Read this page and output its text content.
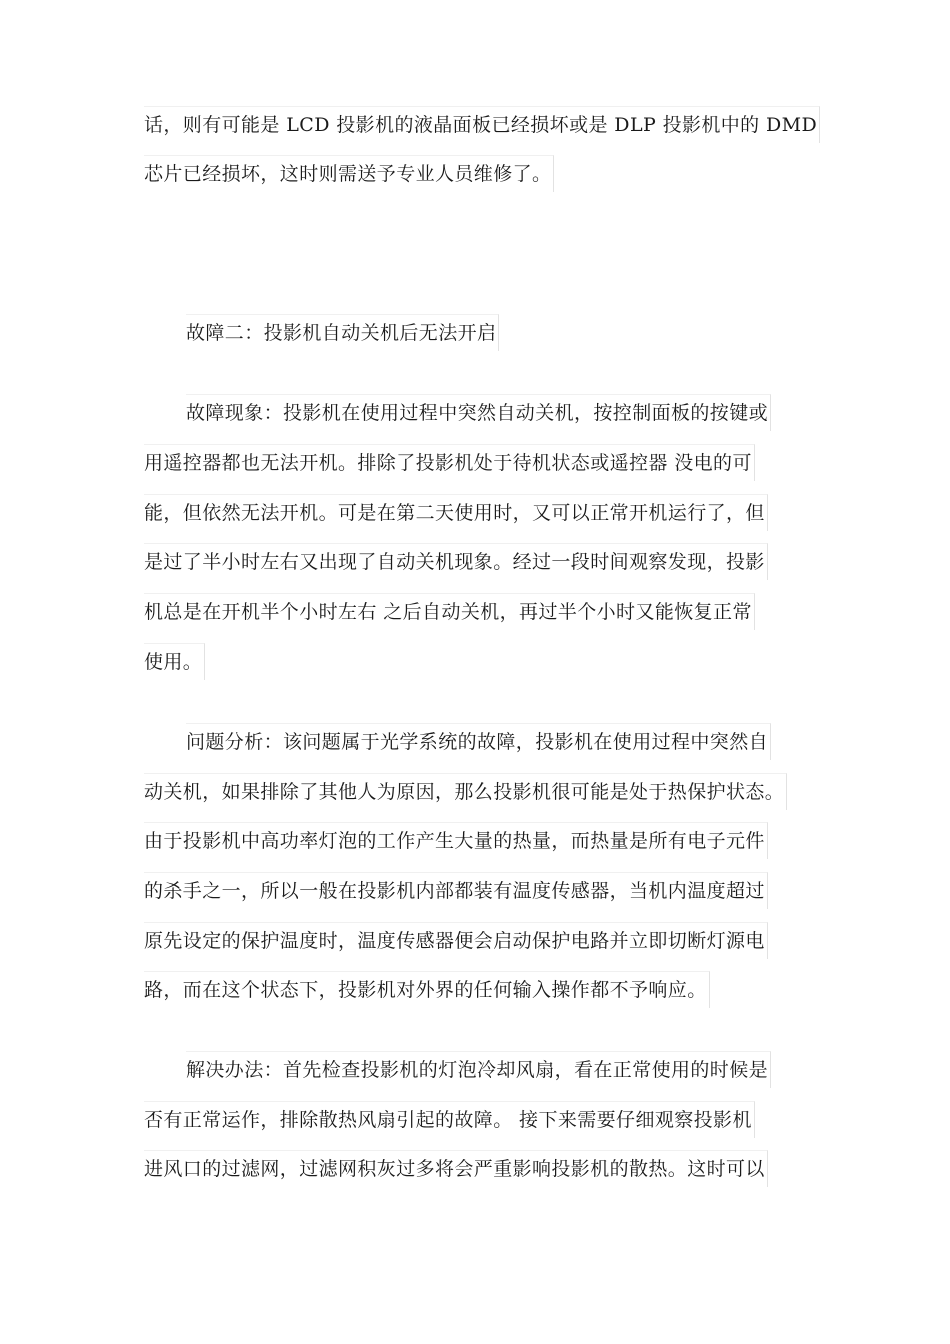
话，则有可能是 LCD 投影机的液晶面板已经损坏或是 DLP 投影机中的 DMD
芯片已经损坏，这时则需送予专业人员维修了。
故障二：投影机自动关机后无法开启
故障现象：投影机在使用过程中突然自动关机，按控制面板的按键或
用遥控器都也无法开机。排除了投影机处于待机状态或遥控器 没电的可
能，但依然无法开机。可是在第二天使用时，又可以正常开机运行了，但
是过了半小时左右又出现了自动关机现象。经过一段时间观察发现，投影
机总是在开机半个小时左右 之后自动关机，再过半个小时又能恢复正常
使用。
问题分析：该问题属于光学系统的故障，投影机在使用过程中突然自
动关机，如果排除了其他人为原因，那么投影机很可能是处于热保护状态。
由于投影机中高功率灯泡的工作产生大量的热量，而热量是所有电子元件
的杀手之一，所以一般在投影机内部都装有温度传感器，当机内温度超过
原先设定的保护温度时，温度传感器便会启动保护电路并立即切断灯源电
路，而在这个状态下，投影机对外界的任何输入操作都不予响应。
解决办法：首先检查投影机的灯泡冷却风扇，看在正常使用的时候是
否有正常运作，排除散热风扇引起的故障。 接下来需要仔细观察投影机
进风口的过滤网，过滤网积灰过多将会严重影响投影机的散热。这时可以
